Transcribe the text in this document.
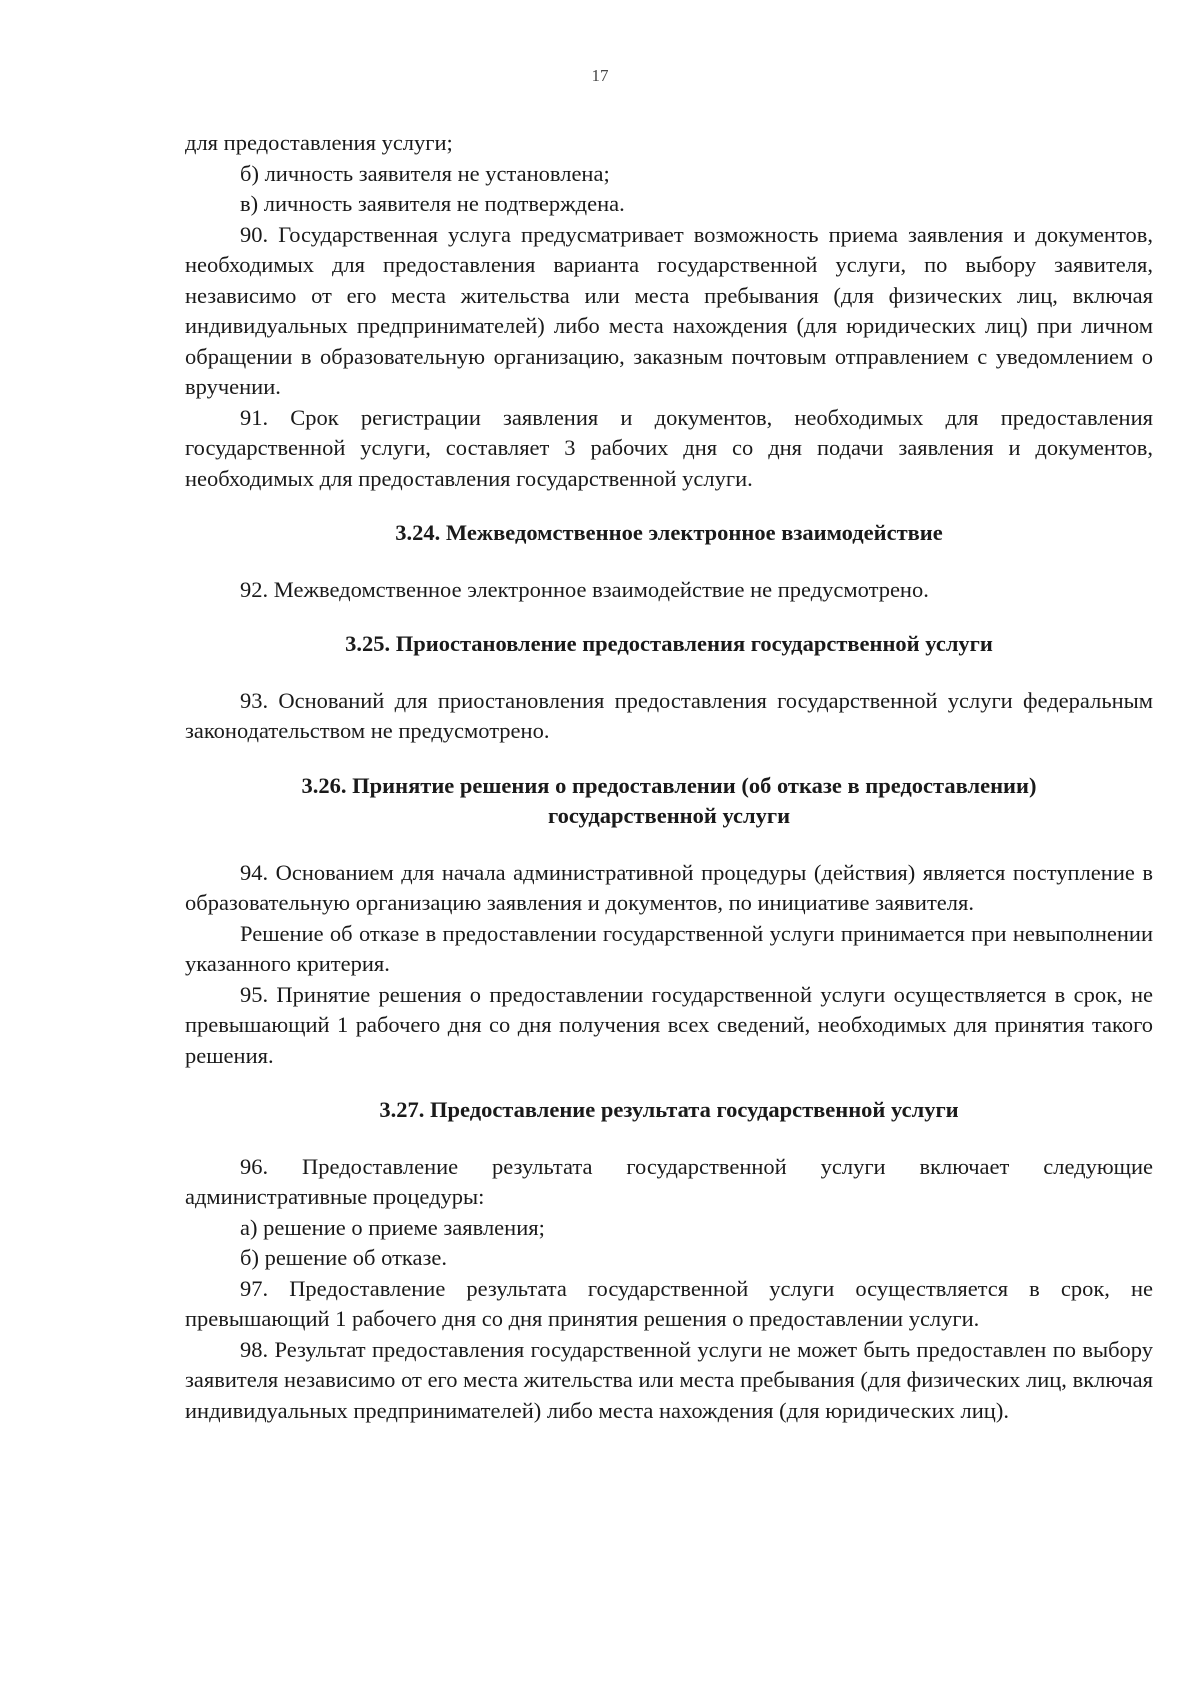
17

для предоставления услуги;

б) личность заявителя не установлена;

в) личность заявителя не подтверждена.

90. Государственная услуга предусматривает возможность приема заявления и документов, необходимых для предоставления варианта государственной услуги, по выбору заявителя, независимо от его места жительства или места пребывания (для физических лиц, включая индивидуальных предпринимателей) либо места нахождения (для юридических лиц) при личном обращении в образовательную организацию, заказным почтовым отправлением с уведомлением о вручении.

91. Срок регистрации заявления и документов, необходимых для предоставления государственной услуги, составляет 3 рабочих дня со дня подачи заявления и документов, необходимых для предоставления государственной услуги.

3.24. Межведомственное электронное взаимодействие

92. Межведомственное электронное взаимодействие не предусмотрено.

3.25. Приостановление предоставления государственной услуги

93. Оснований для приостановления предоставления государственной услуги федеральным законодательством не предусмотрено.

3.26. Принятие решения о предоставлении (об отказе в предоставлении)
государственной услуги

94. Основанием для начала административной процедуры (действия) является поступление в образовательную организацию заявления и документов, по инициативе заявителя.

Решение об отказе в предоставлении государственной услуги принимается при невыполнении указанного критерия.

95. Принятие решения о предоставлении государственной услуги осуществляется в срок, не превышающий 1 рабочего дня со дня получения всех сведений, необходимых для принятия такого решения.

3.27. Предоставление результата государственной услуги

96. Предоставление результата государственной услуги включает следующие административные процедуры:

а) решение о приеме заявления;

б) решение об отказе.

97. Предоставление результата государственной услуги осуществляется в срок, не превышающий 1 рабочего дня со дня принятия решения о предоставлении услуги.

98. Результат предоставления государственной услуги не может быть предоставлен по выбору заявителя независимо от его места жительства или места пребывания (для физических лиц, включая индивидуальных предпринимателей) либо места нахождения (для юридических лиц).
